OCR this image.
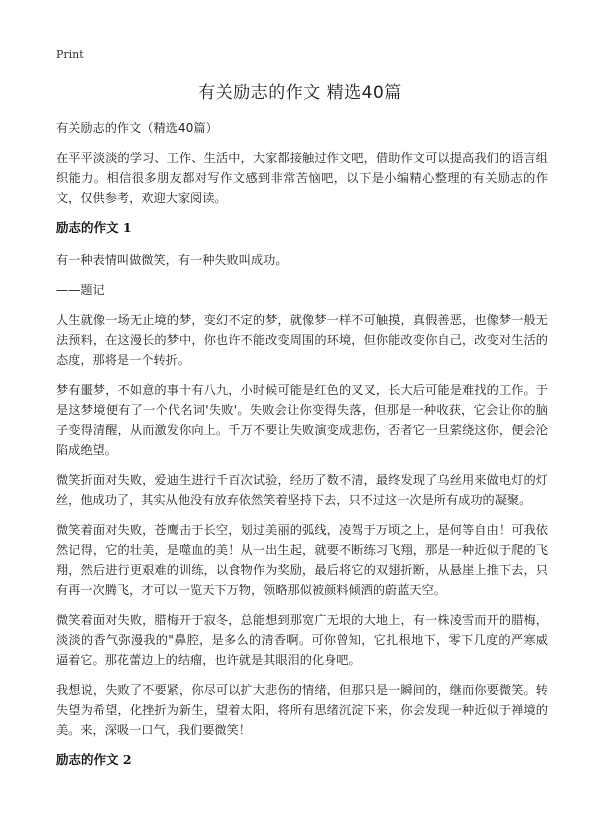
Print
有关励志的作文 精选40篇

有关励志的作文（精选40篇）

在平平淡淡的学习、工作、生活中，大家都接触过作文吧，借助作文可以提高我们的语言组织能力。相信很多朋友都对写作文感到非常苦恼吧，以下是小编精心整理的有关励志的作文，仅供参考，欢迎大家阅读。

励志的作文 1

有一种表情叫做微笑，有一种失败叫成功。

——题记

人生就像一场无止境的梦，变幻不定的梦，就像梦一样不可触摸，真假善恶，也像梦一般无法预料，在这漫长的梦中，你也许不能改变周围的环境，但你能改变你自己，改变对生活的态度，那将是一个转折。

梦有噩梦，不如意的事十有八九，小时候可能是红色的叉叉，长大后可能是难找的工作。于是这梦境便有了一个代名词'失败'。失败会让你变得失落，但那是一种收获，它会让你的脑子变得清醒，从而激发你向上。千万不要让失败演变成悲伤，否者它一旦萦绕这你，便会沦陷成绝望。

微笑折面对失败，爱迪生进行千百次试验，经历了数不清，最终发现了乌丝用来做电灯的灯丝，他成功了，其实从他没有放弃依然笑着坚持下去，只不过这一次是所有成功的凝聚。

微笑着面对失败，苍鹰击于长空，划过美丽的弧线，凌驾于万顷之上，是何等自由！可我依然记得，它的壮美，是噬血的美！从一出生起，就要不断练习飞翔，那是一种近似于爬的飞翔，然后进行更艰难的训练，以食物作为奖励，最后将它的双翅折断，从悬崖上推下去，只有再一次腾飞，才可以一览天下万物，领略那似被颜料倾洒的蔚蓝天空。

微笑着面对失败，腊梅开于寂冬，总能想到那宽广无垠的大地上，有一株凌雪而开的腊梅，淡淡的香气弥漫我的"鼻腔，是多么的清香啊。可你曾知，它扎根地下，零下几度的严寒威逼着它。那花蕾边上的结瘤，也许就是其眼泪的化身吧。

我想说，失败了不要紧，你尽可以扩大悲伤的情绪，但那只是一瞬间的，继而你要微笑。转失望为希望，化挫折为新生，望着太阳，将所有思绪沉淀下来，你会发现一种近似于禅境的美。来，深吸一口气，我们要微笑！

励志的作文 2
